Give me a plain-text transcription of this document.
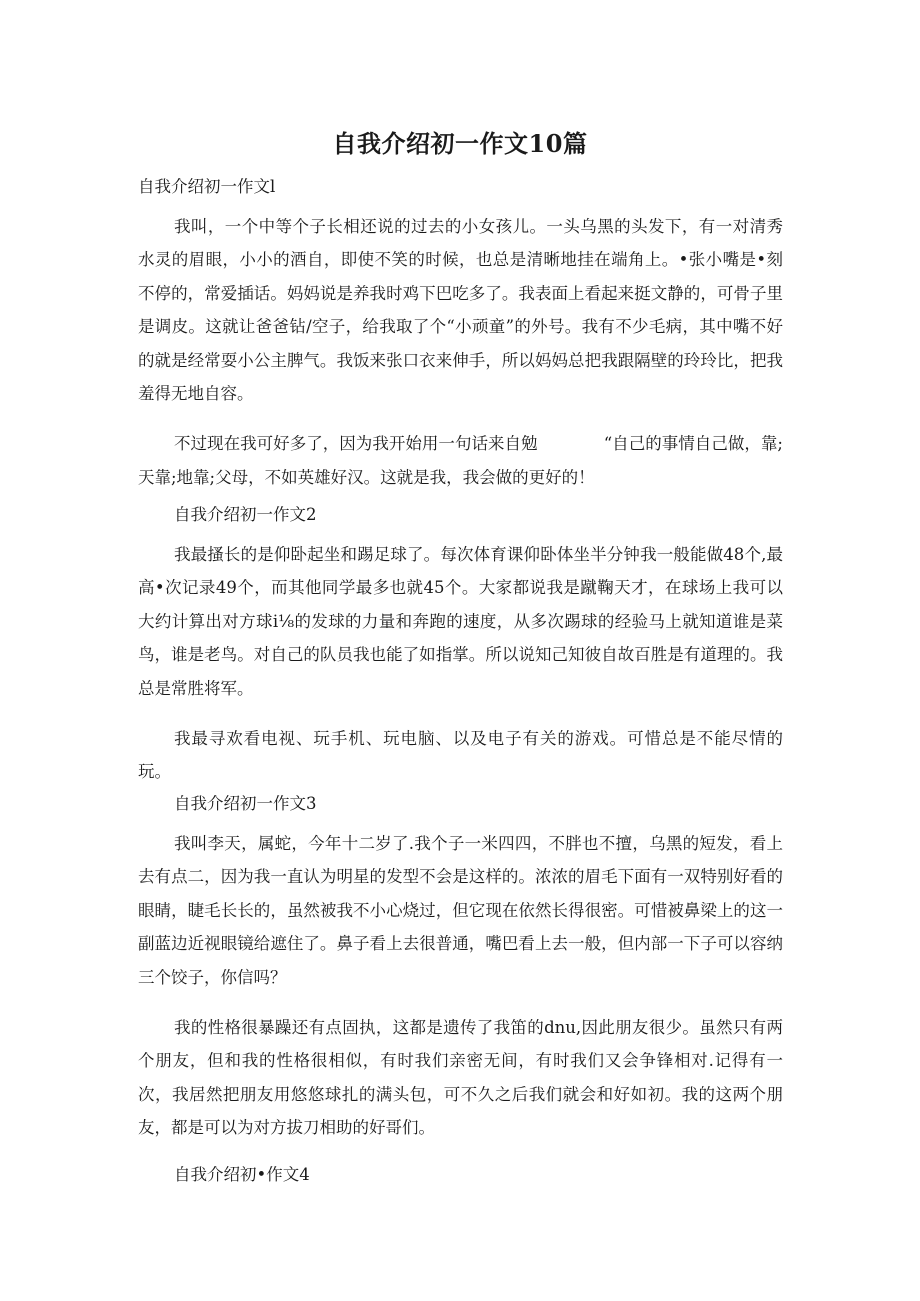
自我介绍初一作文10篇

自我介绍初一作文l

我叫，一个中等个子长相还说的过去的小女孩儿。一头乌黑的头发下，有一对清秀水灵的眉眼，小小的酒自，即使不笑的时候，也总是清晰地挂在端角上。•张小嘴是•刻不停的，常爱插话。妈妈说是养我时鸡下巴吃多了。我表面上看起来挺文静的，可骨子里是调皮。这就让爸爸钻/空子，给我取了个“小顽童”的外号。我有不少毛病，其中嘴不好的就是经常耍小公主脾气。我饭来张口衣来伸手，所以妈妈总把我跟隔壁的玲玲比，把我羞得无地自容。

不过现在我可好多了，因为我开始用一句话来自勉　　　　“自己的事情自己做，靠;天靠;地靠;父母，不如英雄好汉。这就是我，我会做的更好的！

自我介绍初一作文2

我最搔长的是仰卧起坐和踢足球了。每次体育课仰卧体坐半分钟我一般能做48个,最高•次记录49个，而其他同学最多也就45个。大家都说我是蹴鞠天才，在球场上我可以大约计算出对方球i⅛的发球的力量和奔跑的速度，从多次踢球的经验马上就知道谁是菜鸟，谁是老鸟。对自己的队员我也能了如指掌。所以说知己知彼自故百胜是有道理的。我总是常胜将军。

我最寻欢看电视、玩手机、玩电脑、以及电子有关的游戏。可惜总是不能尽情的玩。

自我介绍初一作文3

我叫李天，属蛇，今年十二岁了.我个子一米四四，不胖也不擅，乌黑的短发，看上去有点二，因为我一直认为明星的发型不会是这样的。浓浓的眉毛下面有一双特别好看的眼睛，睫毛长长的，虽然被我不小心烧过，但它现在依然长得很密。可惜被鼻梁上的这一副蓝边近视眼镜给遮住了。鼻子看上去很普通，嘴巴看上去一般，但内部一下子可以容纳三个饺子，你信吗？

我的性格很暴躁还有点固执，这都是遗传了我笛的dnu,因此朋友很少。虽然只有两个朋友，但和我的性格很相似，有时我们亲密无间，有时我们又会争锋相对.记得有一次，我居然把朋友用悠悠球扎的满头包，可不久之后我们就会和好如初。我的这两个朋友，都是可以为对方拔刀相助的好哥们。

自我介绍初•作文4
